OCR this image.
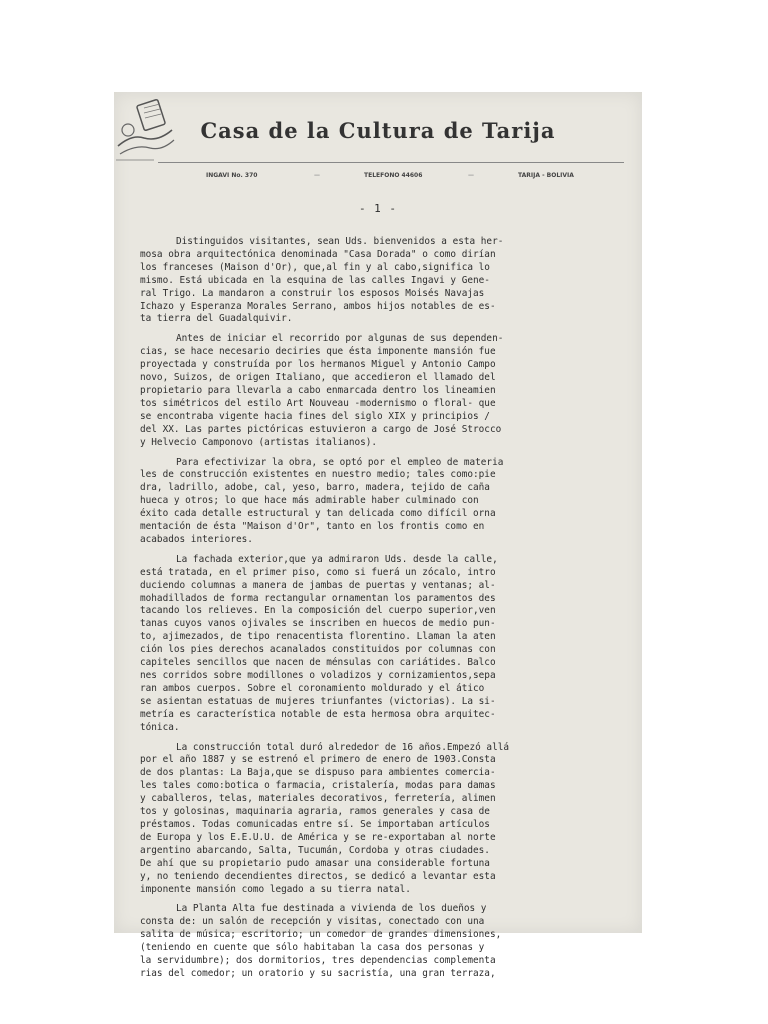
Casa de la Cultura de Tarija
INGAVI No. 370	—	TELEFONO 44606	—	TARIJA - BOLIVIA
- 1 -
Distinguidos visitantes, sean Uds. bienvenidos a esta her-
mosa obra arquitectónica denominada "Casa Dorada" o como dirían
los franceses (Maison d'Or), que,al fin y al cabo,significa lo
mismo. Está ubicada en la esquina de las calles Ingavi y Gene-
ral Trigo. La mandaron a construir los esposos Moisés Navajas
Ichazo y Esperanza Morales Serrano, ambos hijos notables de es-
ta tierra del Guadalquivir.
Antes de iniciar el recorrido por algunas de sus dependen-
cias, se hace necesario deciries que ésta imponente mansión fue
proyectada y construída por los hermanos Miguel y Antonio Campo
novo, Suizos, de origen Italiano, que accedieron el llamado del
propietario para llevarla a cabo enmarcada dentro los lineamien
tos simétricos del estilo Art Nouveau -modernismo o floral- que
se encontraba vigente hacia fines del siglo XIX y principios /
del XX. Las partes pictóricas estuvieron a cargo de José Strocco
y Helvecio Camponovo (artistas italianos).
Para efectivizar la obra, se optó por el empleo de materia
les de construcción existentes en nuestro medio; tales como:pie
dra, ladrillo, adobe, cal, yeso, barro, madera, tejido de caña
hueca y otros; lo que hace más admirable haber culminado con
éxito cada detalle estructural y tan delicada como difícil orna
mentación de ésta "Maison d'Or", tanto en los frontis como en
acabados interiores.
La fachada exterior,que ya admiraron Uds. desde la calle,
está tratada, en el primer piso, como si fuerá un zócalo, intro
duciendo columnas a manera de jambas de puertas y ventanas; al-
mohadillados de forma rectangular ornamentan los paramentos des
tacando los relieves. En la composición del cuerpo superior,ven
tanas cuyos vanos ojivales se inscriben en huecos de medio pun-
to, ajimezados, de tipo renacentista florentino. Llaman la aten
ción los pies derechos acanalados constituidos por columnas con
capiteles sencillos que nacen de ménsulas con cariátides. Balco
nes corridos sobre modillones o voladizos y cornizamientos,sepa
ran ambos cuerpos. Sobre el coronamiento moldurado y el ático
se asientan estatuas de mujeres triunfantes (victorias). La si-
metría es característica notable de esta hermosa obra arquitec-
tónica.
La construcción total duró alrededor de 16 años.Empezó allá
por el año 1887 y se estrenó el primero de enero de 1903.Consta
de dos plantas: La Baja,que se dispuso para ambientes comercia-
les tales como:botica o farmacia, cristalería, modas para damas
y caballeros, telas, materiales decorativos, ferretería, alimen
tos y golosinas, maquinaria agraria, ramos generales y casa de
préstamos. Todas comunicadas entre sí. Se importaban artículos
de Europa y los E.E.U.U. de América y se re-exportaban al norte
argentino abarcando, Salta, Tucumán, Cordoba y otras ciudades.
De ahí que su propietario pudo amasar una considerable fortuna
y, no teniendo decendientes directos, se dedicó a levantar esta
imponente mansión como legado a su tierra natal.
La Planta Alta fue destinada a vivienda de los dueños y
consta de: un salón de recepción y visitas, conectado con una
salita de música; escritorio; un comedor de grandes dimensiones,
(teniendo en cuente que sólo habitaban la casa dos personas y
la servidumbre); dos dormitorios, tres dependencias complementa
rias del comedor; un oratorio y su sacristía, una gran terraza,
